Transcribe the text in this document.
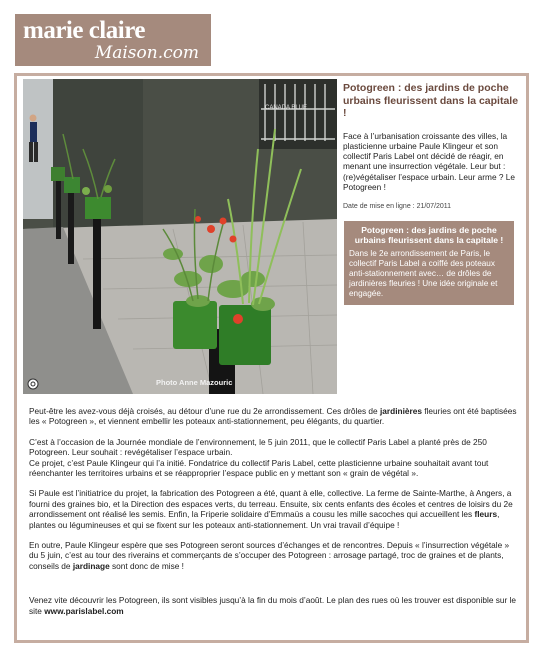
marie claire
Maison.com
CANADA BLUE
Photo Anne Mazouric
Potogreen : des jardins de poche urbains fleurissent dans la capitale !
Face à l’urbanisation croissante des villes, la plasticienne urbaine Paule Klingeur et son collectif Paris Label ont décidé de réagir, en menant une insurrection végétale. Leur but : (re)végétaliser l’espace urbain. Leur arme ? Le Potogreen !
Date de mise en ligne : 21/07/2011
Potogreen : des jardins de poche urbains fleurissent dans la capitale !
Dans le 2e arrondissement de Paris, le collectif Paris Label a coiffé des poteaux anti-stationnement avec… de drôles de jardinières fleuries ! Une idée originale et engagée.

Peut-être les avez-vous déjà croisés, au détour d’une rue du 2e arrondissement. Ces drôles de jardinières fleuries ont été baptisées les « Potogreen », et viennent embellir les poteaux anti-stationnement, peu élégants, du quartier.

C’est à l’occasion de la Journée mondiale de l’environnement, le 5 juin 2011, que le collectif Paris Label a planté près de 250 Potogreen. Leur souhait : revégétaliser l’espace urbain.

Ce projet, c’est Paule Klingeur qui l’a initié. Fondatrice du collectif Paris Label, cette plasticienne urbaine souhaitait avant tout réenchanter les territoires urbains et se réapproprier l’espace public en y mettant son « grain de végétal ».

Si Paule est l’initiatrice du projet, la fabrication des Potogreen a été, quant à elle, collective. La ferme de Sainte-Marthe, à Angers, a fourni des graines bio, et la Direction des espaces verts, du terreau. Ensuite, six cents enfants des écoles et centres de loisirs du 2e arrondissement ont réalisé les semis. Enfin, la Friperie solidaire d’Emmaüs a cousu les mille sacoches qui accueillent les fleurs, plantes ou légumineuses et qui se fixent sur les poteaux anti-stationnement. Un vrai travail d’équipe !

En outre, Paule Klingeur espère que ses Potogreen seront sources d’échanges et de rencontres. Depuis « l’insurrection végétale » du 5 juin, c’est au tour des riverains et commerçants de s’occuper des Potogreen : arrosage partagé, troc de graines et de plants, conseils de jardinage sont donc de mise !

Venez vite découvrir les Potogreen, ils sont visibles jusqu’à la fin du mois d’août. Le plan des rues où les trouver est disponible sur le site www.parislabel.com
